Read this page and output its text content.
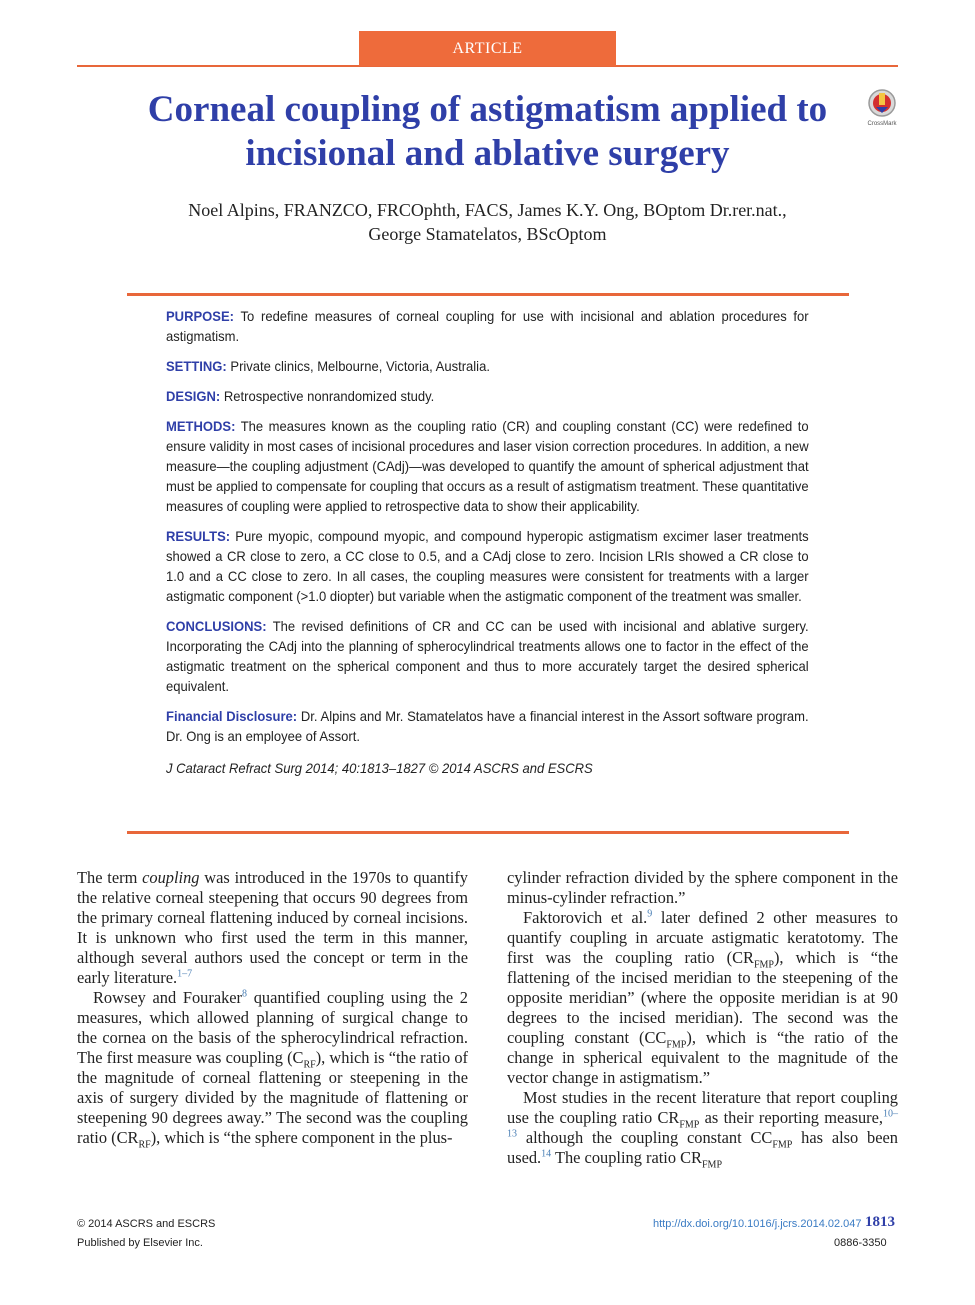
ARTICLE
Corneal coupling of astigmatism applied to incisional and ablative surgery
CrossMark
Noel Alpins, FRANZCO, FRCOphth, FACS, James K.Y. Ong, BOptom Dr.rer.nat.,
George Stamatelatos, BScOptom

PURPOSE: To redefine measures of corneal coupling for use with incisional and ablation procedures for astigmatism.

SETTING: Private clinics, Melbourne, Victoria, Australia.

DESIGN: Retrospective nonrandomized study.

METHODS: The measures known as the coupling ratio (CR) and coupling constant (CC) were redefined to ensure validity in most cases of incisional procedures and laser vision correction procedures. In addition, a new measure—the coupling adjustment (CAdj)—was developed to quantify the amount of spherical adjustment that must be applied to compensate for coupling that occurs as a result of astigmatism treatment. These quantitative measures of coupling were applied to retrospective data to show their applicability.

RESULTS: Pure myopic, compound myopic, and compound hyperopic astigmatism excimer laser treatments showed a CR close to zero, a CC close to 0.5, and a CAdj close to zero. Incision LRIs showed a CR close to 1.0 and a CC close to zero. In all cases, the coupling measures were consistent for treatments with a larger astigmatic component (>1.0 diopter) but variable when the astigmatic component of the treatment was smaller.

CONCLUSIONS: The revised definitions of CR and CC can be used with incisional and ablative surgery. Incorporating the CAdj into the planning of spherocylindrical treatments allows one to factor in the effect of the astigmatic treatment on the spherical component and thus to more accurately target the desired spherical equivalent.

Financial Disclosure: Dr. Alpins and Mr. Stamatelatos have a financial interest in the Assort software program. Dr. Ong is an employee of Assort.

J Cataract Refract Surg 2014; 40:1813–1827 © 2014 ASCRS and ESCRS

The term coupling was introduced in the 1970s to quantify the relative corneal steepening that occurs 90 degrees from the primary corneal flattening induced by corneal incisions. It is unknown who first used the term in this manner, although several authors used the concept or term in the early literature.$^{1-7}$

Rowsey and Fouraker$^8$ quantified coupling using the 2 measures, which allowed planning of surgical change to the cornea on the basis of the spherocylindrical refraction. The first measure was coupling $(C_{RF})$, which is “the ratio of the magnitude of corneal flattening or steepening in the axis of surgery divided by the magnitude of flattening or steepening 90 degrees away.” The second was the coupling ratio $(CR_{RF})$, which is “the sphere component in the plus-

cylinder refraction divided by the sphere component in the minus-cylinder refraction.”

Faktorovich et al.$^9$ later defined 2 other measures to quantify coupling in arcuate astigmatic keratotomy. The first was the coupling ratio $(CR_{FMP})$, which is “the flattening of the incised meridian to the steepening of the opposite meridian” (where the opposite meridian is at 90 degrees to the incised meridian). The second was the coupling constant $(CC_{FMP})$, which is “the ratio of the change in spherical equivalent to the magnitude of the vector change in astigmatism.”

Most studies in the recent literature that report coupling use the coupling ratio $CR_{FMP}$ as their reporting measure,$^{10-13}$ although the coupling constant $CC_{FMP}$ has also been used.$^{14}$ The coupling ratio $CR_{FMP}$

© 2014 ASCRS and ESCRS
Published by Elsevier Inc.
http://dx.doi.org/10.1016/j.jcrs.2014.02.047 1813
0886-3350
